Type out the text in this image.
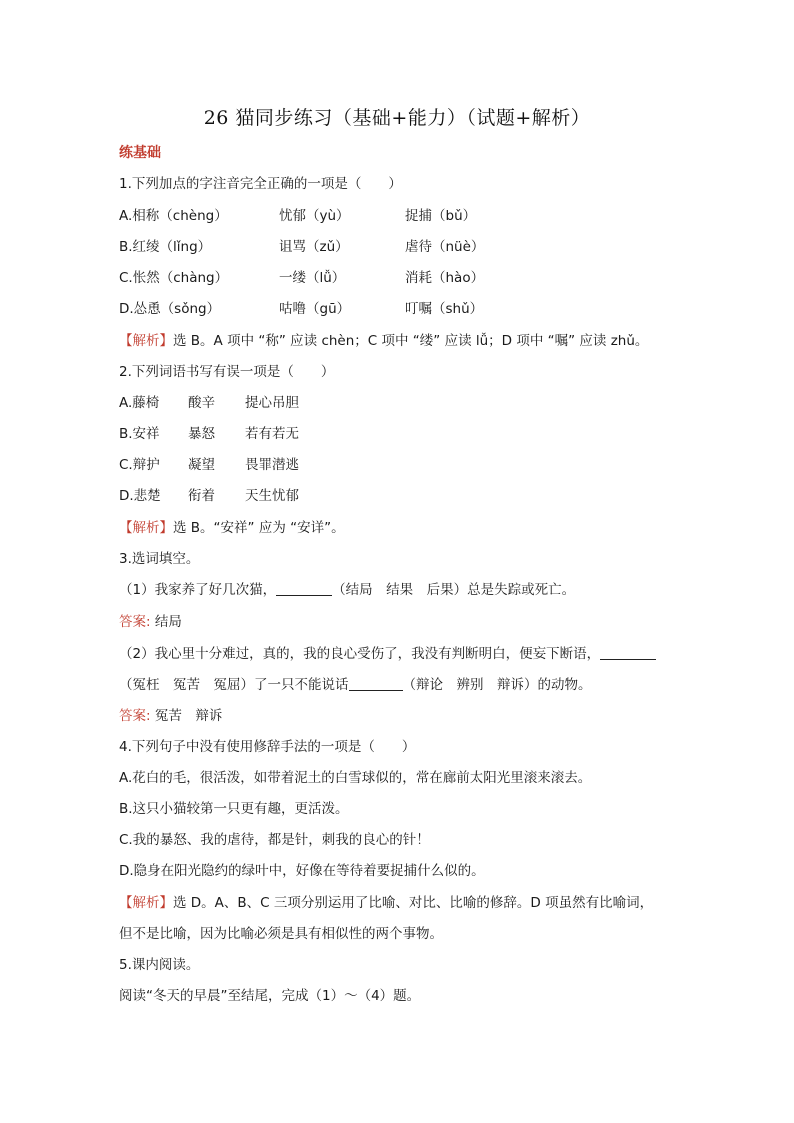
26 猫同步练习（基础+能力）（试题+解析）
练基础
1.下列加点的字注音完全正确的一项是（　　）
A.相称（chèng）	忧郁（yù）	捉捕（bǔ）
B.红绫（lǐng）	诅骂（zǔ）	虐待（nüè）
C.怅然（chàng）	一缕（lǚ）	消耗（hào）
D.怂恿（sǒng）	咕噜（gū）	叮嘱（shǔ）
【解析】选 B。A 项中 “称” 应读 chèn；C 项中 “缕” 应读 lǚ；D 项中 “嘱” 应读 zhǔ。
2.下列词语书写有误一项是（　　）
A.藤椅 酸辛 提心吊胆
B.安祥 暴怒 若有若无
C.辩护 凝望 畏罪潜逃
D.悲楚 衔着 天生忧郁
【解析】选 B。“安祥” 应为 “安详”。
3.选词填空。
（1）我家养了好几次猫，	（结局　结果　后果）总是失踪或死亡。
答案: 结局
（2）我心里十分难过，真的，我的良心受伤了，我没有判断明白，便妄下断语，
（冤枉　冤苦　冤屈）了一只不能说话	（辩论　辨别　辩诉）的动物。
答案: 冤苦　辩诉
4.下列句子中没有使用修辞手法的一项是（　　）
A.花白的毛，很活泼，如带着泥土的白雪球似的，常在廊前太阳光里滚来滚去。
B.这只小猫较第一只更有趣，更活泼。
C.我的暴怒、我的虐待，都是针，刺我的良心的针！
D.隐身在阳光隐约的绿叶中，好像在等待着要捉捕什么似的。
【解析】选 D。A、B、C 三项分别运用了比喻、对比、比喻的修辞。D 项虽然有比喻词，
但不是比喻，因为比喻必须是具有相似性的两个事物。
5.课内阅读。
阅读“冬天的早晨”至结尾，完成（1）～（4）题。
